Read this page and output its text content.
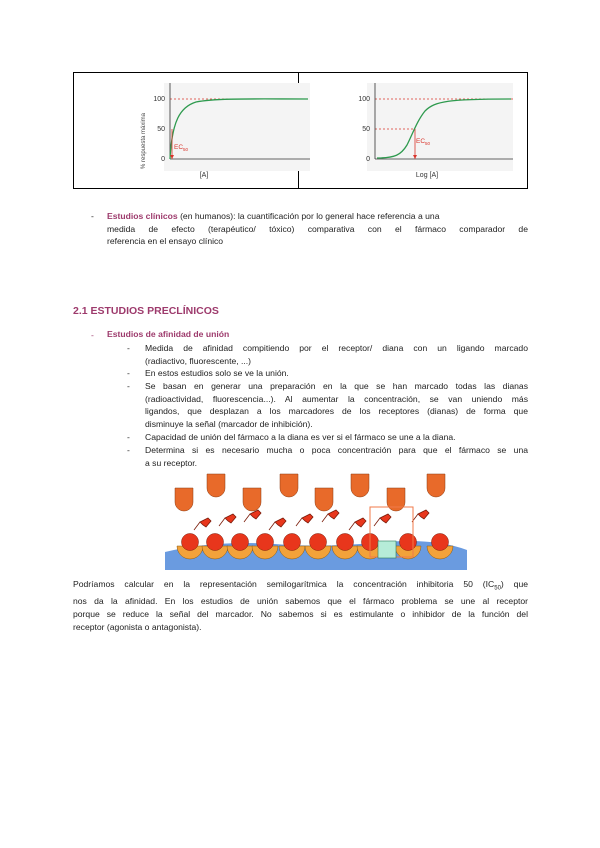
% respuesta máxima
100
50
0
$EC_{50}$
[A]
100
50
0
$EC_{50}$
Log [A]
- Estudios clínicos (en humanos): la cuantificación por lo general hace referencia a una
medida de efecto (terapéutico/ tóxico) comparativa con el fármaco comparador de
referencia en el ensayo clínico
2.1 ESTUDIOS PRECLÍNICOS
- Estudios de afinidad de unión
- Medida de afinidad compitiendo por el receptor/ diana con un ligando marcado
(radiactivo, fluorescente, ...)
- En estos estudios solo se ve la unión.
- Se basan en generar una preparación en la que se han marcado todas las dianas
(radioactividad, fluorescencia...). Al aumentar la concentración, se van uniendo más
ligandos, que desplazan a los marcadores de los receptores (dianas) de forma que
disminuye la señal (marcador de inhibición).
- Capacidad de unión del fármaco a la diana es ver si el fármaco se une a la diana.
- Determina si es necesario mucha o poca concentración para que el fármaco se una
a su receptor.
Podríamos calcular en la representación semilogarítmica la concentración inhibitoria 50 $(IC_{50})$ que
nos da la afinidad. En los estudios de unión sabemos que el fármaco problema se une al receptor
porque se reduce la señal del marcador. No sabemos si es estimulante o inhibidor de la función del
receptor (agonista o antagonista).
